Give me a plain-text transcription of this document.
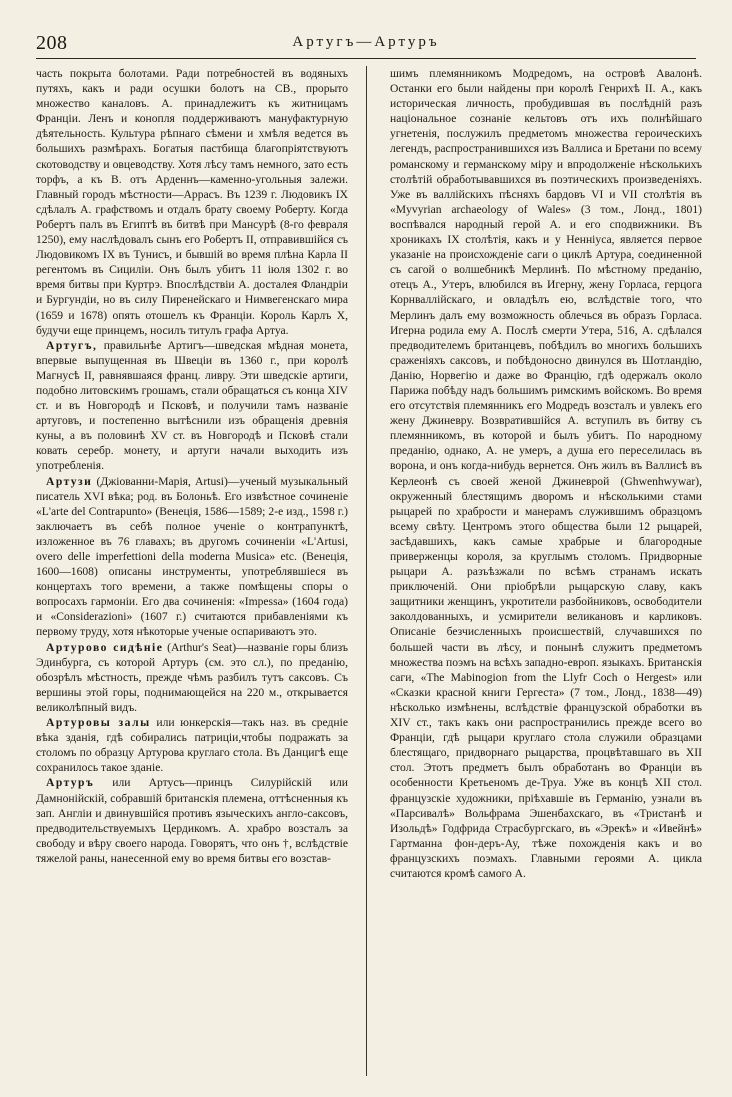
208	Артугъ—Артуръ

часть покрыта болотами. Ради потребностей въ водяныхъ путяхъ, какъ и ради осушки болотъ на СВ., прорыто множество каналовъ. А. принадлежитъ къ житницамъ Франціи. Ленъ и конопля поддерживаютъ мануфактурную дѣятельность. Культура рѣпнаго сѣмени и хмѣля ведется въ большихъ размѣрахъ. Богатыя пастбища благопріятствуютъ скотоводству и овцеводству. Хотя лѣсу тамъ немного, зато есть торфъ, а къ В. отъ Арденнъ—каменно-угольныя залежи. Главный городъ мѣстности—Аррасъ. Въ 1239 г. Людовикъ IX сдѣлалъ А. графствомъ и отдалъ брату своему Роберту. Когда Робертъ палъ въ Египтѣ въ битвѣ при Мансурѣ (8-го февраля 1250), ему наслѣдовалъ сынъ его Робертъ II, отправившійся съ Людовикомъ IX въ Тунисъ, и бывшій во время плѣна Карла II регентомъ въ Сициліи. Онъ былъ убитъ 11 іюля 1302 г. во время битвы при Куртрэ. Впослѣдствіи А. досталея Фландріи и Бургундіи, но въ силу Пиренейскаго и Нимвегенскаго мира (1659 и 1678) опять отошелъ къ Франціи. Король Карлъ X, будучи еще принцемъ, носилъ титулъ графа Артуа.

Артугъ, правильнѣе Артигъ—шведская мѣдная монета, впервые выпущенная въ Швеціи въ 1360 г., при королѣ Магнусѣ II, равнявшаяся франц. ливру. Эти шведскіе артиги, подобно литовскимъ грошамъ, стали обращаться съ конца XIV ст. и въ Новгородѣ и Псковѣ, и получили тамъ названіе артуговъ, и постепенно вытѣснили изъ обращенія древнія куны, а въ половинѣ XV ст. въ Новгородѣ и Псковѣ стали ковать серебр. монету, и артуги начали выходить изъ употребленія.

Артузи (Джіованни-Марія, Artusi)—ученый музыкальный писатель XVI вѣка; род. въ Болоньѣ. Его извѣстное сочиненіе «L'arte del Contrapunto» (Венеція, 1586—1589; 2-е изд., 1598 г.) заключаетъ въ себѣ полное ученіе о контрапунктѣ, изложенное въ 76 главахъ; въ другомъ сочиненіи «L'Artusi, overo delle imperfettioni della moderna Musica» etc. (Венеція, 1600—1608) описаны инструменты, употреблявшіеся въ концертахъ того времени, а также помѣщены споры о вопросахъ гармоніи. Его два сочиненія: «Impessa» (1604 года) и «Considerazioni» (1607 г.) считаются прибавленіями къ первому труду, хотя нѣкоторые ученые оспариваютъ это.

Артурово сидѣніе (Arthur's Seat)—названіе горы близъ Эдинбурга, съ которой Артуръ (см. это сл.), по преданію, обозрѣлъ мѣстность, прежде чѣмъ разбилъ тутъ саксовъ. Съ вершины этой горы, поднимающейся на 220 м., открывается великолѣпный видъ.

Артуровы залы или юнкерскія—такъ наз. въ средніе вѣка зданія, гдѣ собирались патриціи,чтобы подражать за столомъ по образцу Артурова круглаго стола. Въ Данцигѣ еще сохранилось такое зданіе.

Артуръ или Артусъ—принцъ Силурійскій или Дамнонійскій, собравшій британскія племена, оттѣсненныя къ зап. Англіи и двинувшійся противъ языческихъ англо-саксовъ, предводительствуемыхъ Цердикомъ. А. храбро возсталъ за свободу и вѣру своего народа. Говорятъ, что онъ †, вслѣдствіе тяжелой раны, нанесенной ему во время битвы его возстав-

шимъ племянникомъ Модредомъ, на островѣ Авалонѣ. Останки его были найдены при королѣ Генрихѣ II. А., какъ историческая личность, пробудившая въ послѣдній разъ національное сознаніе кельтовъ отъ ихъ полнѣйшаго угнетенія, послужилъ предметомъ множества героическихъ легендъ, распространившихся изъ Валлиса и Бретани по всему романскому и германскому міру и впродолженіе нѣсколькихъ столѣтій обработывавшихся въ поэтическихъ произведеніяхъ. Уже въ валлійскихъ пѣсняхъ бардовъ VI и VII столѣтія въ «Myvyrian archaeology of Wales» (3 том., Лонд., 1801) воспѣвался народный герой А. и его сподвижники. Въ хроникахъ IX столѣтія, какъ и у Неннiуса, является первое указаніе на происхожденіе саги о циклѣ Артура, соединенной съ сагой о волшебникѣ Мерлинѣ. По мѣстному преданію, отецъ А., Утеръ, влюбился въ Игерну, жену Горласа, герцога Корнваллійскаго, и овладѣлъ ею, вслѣдствіе того, что Мерлинъ далъ ему возможность облечься въ образъ Горласа. Игерна родила ему А. Послѣ смерти Утера, 516, А. сдѣлался предводителемъ британцевъ, побѣдилъ во многихъ большихъ сраженіяхъ саксовъ, и побѣдоносно двинулся въ Шотландію, Данію, Норвегію и даже во Францію, гдѣ одержалъ около Парижа побѣду надъ большимъ римскимъ войскомъ. Во время его отсутствія племянникъ его Модредъ возсталъ и увлекъ его жену Джиневру. Возвратившійся А. вступилъ въ битву съ племянникомъ, въ которой и былъ убитъ. По народному преданію, однако, А. не умеръ, а душа его переселилась въ ворона, и онъ когда-нибудь вернется. Онъ жилъ въ Валлисѣ въ Керлеонѣ съ своей женой Джиневрой (Ghwenhwywar), окруженный блестящимъ дворомъ и нѣсколькими стами рыцарей по храбрости и манерамъ служившимъ образцомъ всему свѣту. Центромъ этого общества были 12 рыцарей, засѣдавшихъ, какъ самые храбрые и благородные приверженцы короля, за круглымъ столомъ. Придворные рыцари А. разъѣзжали по всѣмъ странамъ искать приключеній. Они пріобрѣли рыцарскую славу, какъ защитники женщинъ, укротители разбойниковъ, освободители заколдованныхъ, и усмирители великановъ и карликовъ. Описаніе безчисленныхъ происшествій, случавшихся по большей части въ лѣсу, и понынѣ служитъ предметомъ множества поэмъ на всѣхъ западно-европ. языкахъ. Британскія саги, «The Mabinogion from the Llyfr Coch o Hergest» или «Сказки красной книги Гергеста» (7 том., Лонд., 1838—49) нѣсколько измѣнены, вслѣдствіе французской обработки въ XIV ст., такъ какъ они распространились прежде всего во Франціи, гдѣ рыцари круглаго стола служили образцами блестящаго, придворнаго рыцарства, процвѣтавшаго въ XII стол. Этотъ предметъ былъ обработанъ во Франціи въ особенности Кретьеномъ де-Труа. Уже въ концѣ XII стол. французскіе художники, пріѣхавшіе въ Германію, узнали въ «Парсивалѣ» Вольфрама Эшенбахскаго, въ «Тристанѣ и Изольдѣ» Годфрида Страсбургскаго, въ «Эрекѣ» и «Ивейнѣ» Гартманна фон-деръ-Ау, тѣже похожденія какъ и во французскихъ поэмахъ. Главными героями А. цикла считаются кромѣ самого А.
